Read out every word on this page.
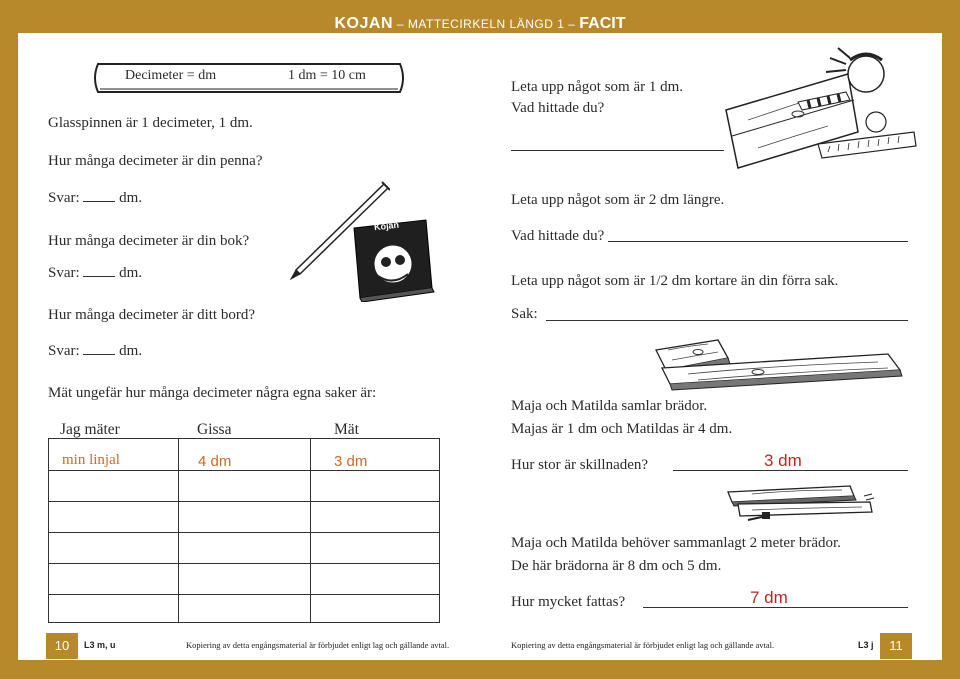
KOJAN – MATTECIRKELN LÄNGD 1 – FACIT
Decimeter = dm	1 dm = 10 cm
Glasspinnen är 1 decimeter, 1 dm.
Hur många decimeter är din penna?
Svar:	dm.
Hur många decimeter är din bok?
Svar:	dm.
Hur många decimeter är ditt bord?
Svar:	dm.
Kojan
Mät ungefär hur många decimeter några egna saker är:
Jag mäter	Gissa	Mät
min linjal	4 dm	3 dm
Leta upp något som är 1 dm.
Vad hittade du?
Leta upp något som är 2 dm längre.
Vad hittade du?
Leta upp något som är 1/2 dm kortare än din förra sak.
Sak:
Maja och Matilda samlar brädor.
Majas är 1 dm och Matildas är 4 dm.
Hur stor är skillnaden?	3 dm
Maja och Matilda behöver sammanlagt 2 meter brädor.
De här brädorna är 8 dm och 5 dm.
Hur mycket fattas?	7 dm
10	L3 m, u	Kopiering av detta engångsmaterial är förbjudet enligt lag och gällande avtal.	Kopiering av detta engångsmaterial är förbjudet enligt lag och gällande avtal.	L3 j	11
